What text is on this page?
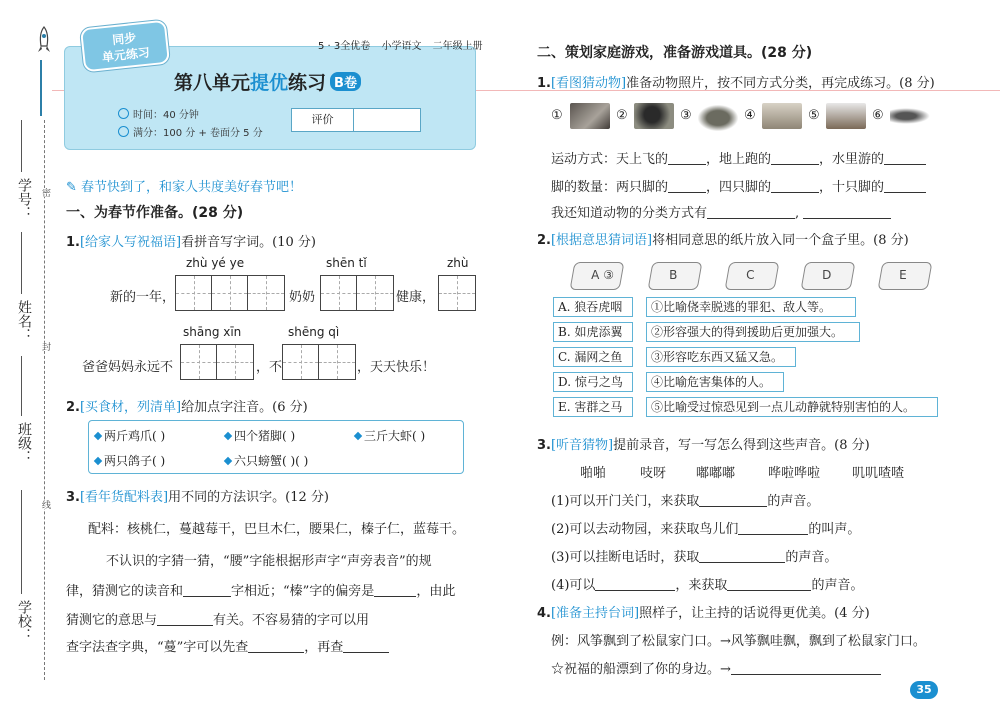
学号：
姓名：
班级：
学校：
密
封
线
同步
单元练习	5 · 3全优卷 小学语文 二年级上册
第八单元提优练习 B卷
时间：40 分钟
满分：100 分 + 卷面分 5 分
评价
✎ 春节快到了，和家人共度美好春节吧！
一、为春节作准备。(28 分)
1.[给家人写祝福语]看拼音写字词。(10 分)
zhù yé ye	shēn tǐ	zhù
新的一年，	奶奶	健康，
shāng xīn	shēng qì
爸爸妈妈永远不	，不	，天天快乐！
2.[买食材，列清单]给加点字注音。(6 分)
两斤鸡爪( )	四个猪脚( )	三斤大虾( )
两只鸽子( )	六只螃蟹( )( )
3.[看年货配料表]用不同的方法识字。(12 分)
配料：核桃仁，蔓越莓干，巴旦木仁，腰果仁，榛子仁，蓝莓干。
不认识的字猜一猜，“腰”字能根据形声字“声旁表音”的规
律，猜测它的读音和	字相近；“榛”字的偏旁是	，由此
猜测它的意思与	有关。不容易猜的字可以用
查字法查字典，“蔓”字可以先查	，再查
二、策划家庭游戏，准备游戏道具。(28 分)
1.[看图猜动物]准备动物照片，按不同方式分类，再完成练习。(8 分)
①	②	③	④	⑤	⑥
运动方式：天上飞的	，地上跑的	，水里游的
脚的数量：两只脚的	，四只脚的	，十只脚的
我还知道动物的分类方式有	,
2.[根据意思猜词语]将相同意思的纸片放入同一个盒子里。(8 分)
A ③	B	C	D	E
A. 狼吞虎咽	①比喻侥幸脱逃的罪犯、敌人等。
B. 如虎添翼	②形容强大的得到援助后更加强大。
C. 漏网之鱼	③形容吃东西又猛又急。
D. 惊弓之鸟	④比喻危害集体的人。
E. 害群之马	⑤比喻受过惊恐见到一点儿动静就特别害怕的人。
3.[听音猜物]提前录音，写一写怎么得到这些声音。(8 分)
啪啪	吱呀 嘟嘟嘟	哗啦哗啦 叽叽喳喳
(1)可以开门关门，来获取	的声音。
(2)可以去动物园，来获取鸟儿们	的叫声。
(3)可以挂断电话时，获取	的声音。
(4)可以	，来获取	的声音。
4.[准备主持台词]照样子，让主持的话说得更优美。(4 分)
例：风筝飘到了松鼠家门口。→风筝飘哇飘，飘到了松鼠家门口。
☆祝福的船漂到了你的身边。→
35
